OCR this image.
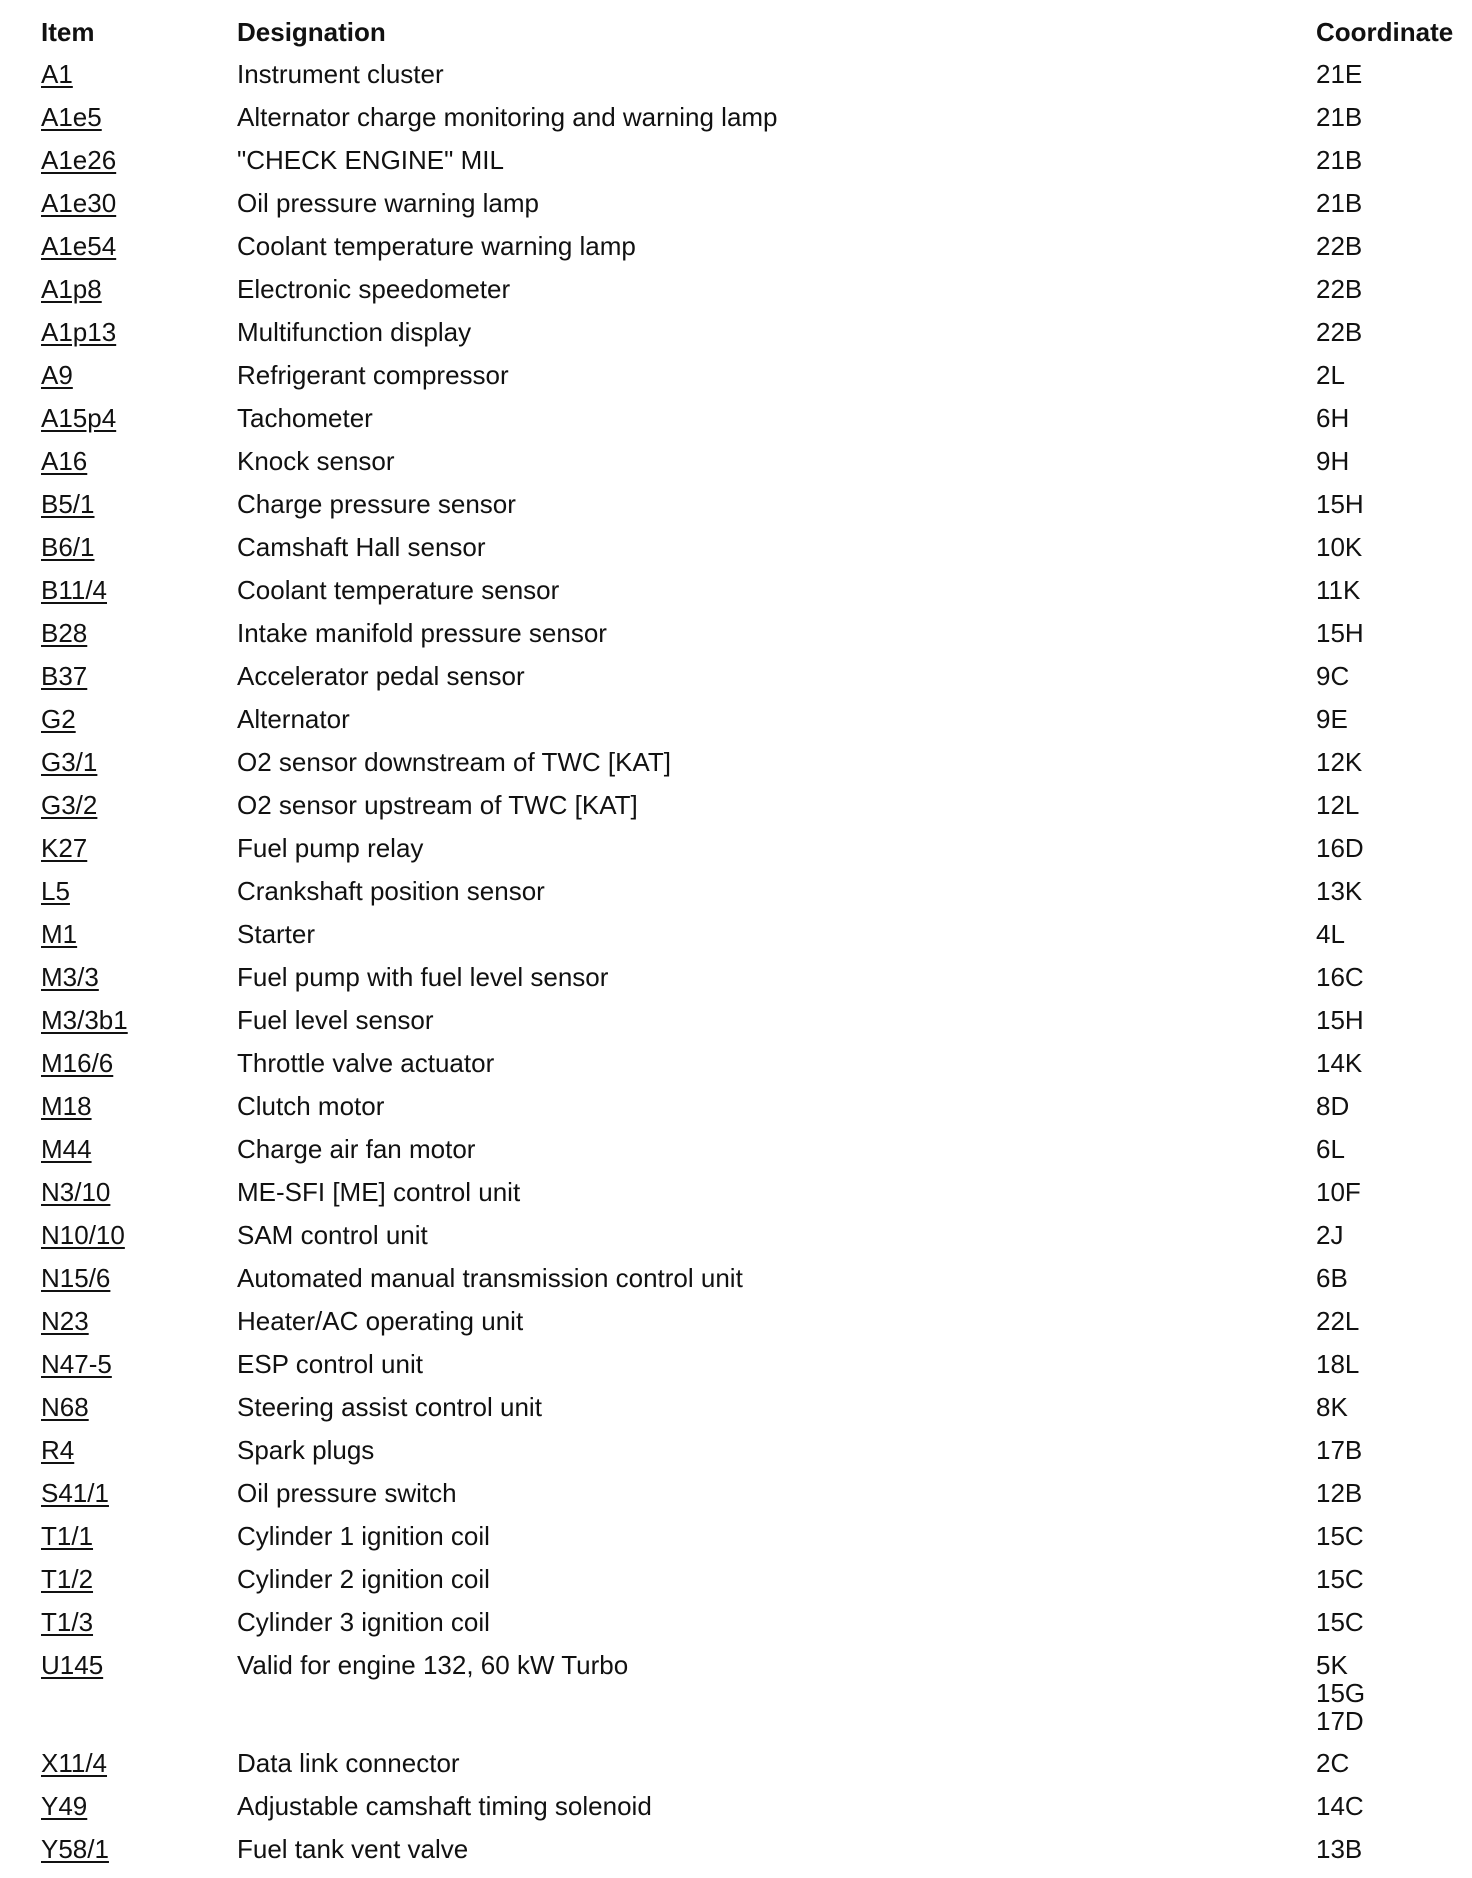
Item	Designation	Coordinate
A1	Instrument cluster	21E
A1e5	Alternator charge monitoring and warning lamp	21B
A1e26	"CHECK ENGINE" MIL	21B
A1e30	Oil pressure warning lamp	21B
A1e54	Coolant temperature warning lamp	22B
A1p8	Electronic speedometer	22B
A1p13	Multifunction display	22B
A9	Refrigerant compressor	2L
A15p4	Tachometer	6H
A16	Knock sensor	9H
B5/1	Charge pressure sensor	15H
B6/1	Camshaft Hall sensor	10K
B11/4	Coolant temperature sensor	11K
B28	Intake manifold pressure sensor	15H
B37	Accelerator pedal sensor	9C
G2	Alternator	9E
G3/1	O2 sensor downstream of TWC [KAT]	12K
G3/2	O2 sensor upstream of TWC [KAT]	12L
K27	Fuel pump relay	16D
L5	Crankshaft position sensor	13K
M1	Starter	4L
M3/3	Fuel pump with fuel level sensor	16C
M3/3b1	Fuel level sensor	15H
M16/6	Throttle valve actuator	14K
M18	Clutch motor	8D
M44	Charge air fan motor	6L
N3/10	ME-SFI [ME] control unit	10F
N10/10	SAM control unit	2J
N15/6	Automated manual transmission control unit	6B
N23	Heater/AC operating unit	22L
N47-5	ESP control unit	18L
N68	Steering assist control unit	8K
R4	Spark plugs	17B
S41/1	Oil pressure switch	12B
T1/1	Cylinder 1 ignition coil	15C
T1/2	Cylinder 2 ignition coil	15C
T1/3	Cylinder 3 ignition coil	15C
U145	Valid for engine 132, 60 kW Turbo	5K
15G
17D
X11/4	Data link connector	2C
Y49	Adjustable camshaft timing solenoid	14C
Y58/1	Fuel tank vent valve	13B
